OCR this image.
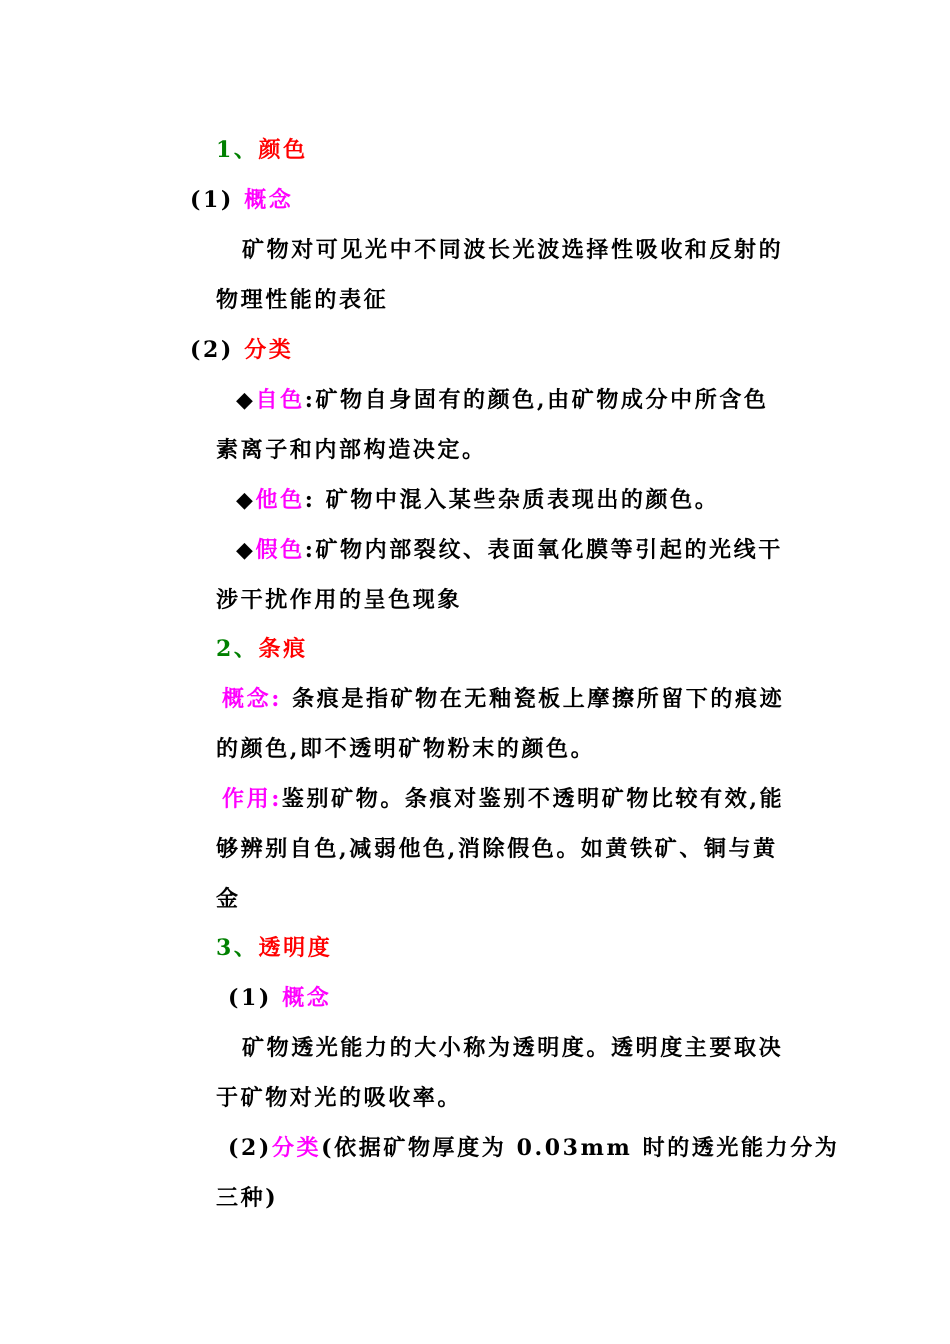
1、颜色
(1) 概念
矿物对可见光中不同波长光波选择性吸收和反射的
物理性能的表征
(2) 分类
◆自色:矿物自身固有的颜色,由矿物成分中所含色
素离子和内部构造决定。
◆他色: 矿物中混入某些杂质表现出的颜色。
◆假色:矿物内部裂纹、表面氧化膜等引起的光线干
涉干扰作用的呈色现象
2、条痕
概念: 条痕是指矿物在无釉瓷板上摩擦所留下的痕迹
的颜色,即不透明矿物粉末的颜色。
作用:鉴别矿物。条痕对鉴别不透明矿物比较有效,能
够辨别自色,减弱他色,消除假色。如黄铁矿、铜与黄
金
3、透明度
(1) 概念
矿物透光能力的大小称为透明度。透明度主要取决
于矿物对光的吸收率。
(2)分类(依据矿物厚度为 0.03mm 时的透光能力分为
三种)
